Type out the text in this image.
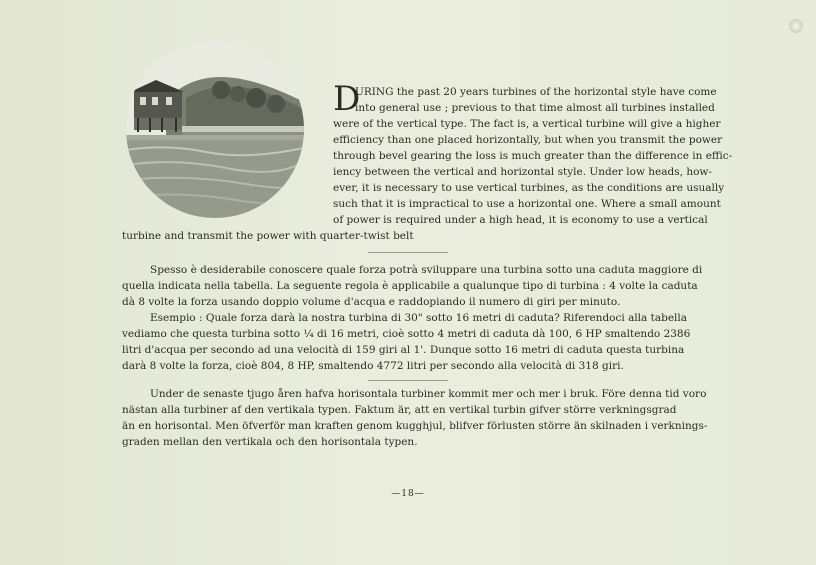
D
URING the past 20 years turbines of the horizontal style have come
into general use ; previous to that time almost all turbines installed
were of the vertical type. The fact is, a vertical turbine will give a higher
efficiency than one placed horizontally, but when you transmit the power
through bevel gearing the loss is much greater than the difference in effic-
iency between the vertical and horizontal style. Under low heads, how-
ever, it is necessary to use vertical turbines, as the conditions are usually
such that it is impractical to use a horizontal one. Where a small amount
of power is required under a high head, it is economy to use a vertical
turbine and transmit the power with quarter-twist belt
Spesso è desiderabile conoscere quale forza potrà sviluppare una turbina sotto una caduta maggiore di
quella indicata nella tabella. La seguente regola è applicabile a qualunque tipo di turbina : 4 volte la caduta
dà 8 volte la forza usando doppio volume d'acqua e raddopiando il numero di giri per minuto.
Esempio : Quale forza darà la nostra turbina di 30" sotto 16 metri di caduta? Riferendoci alla tabella
vediamo che questa turbina sotto ¼ di 16 metri, cioè sotto 4 metri di caduta dà 100, 6 HP smaltendo 2386
litri d'acqua per secondo ad una velocità di 159 giri al 1'. Dunque sotto 16 metri di caduta questa turbina
darà 8 volte la forza, cioè 804, 8 HP, smaltendo 4772 litri per secondo alla velocità di 318 giri.
Under de senaste tjugo åren hafva horisontala turbiner kommit mer och mer i bruk. Före denna tid voro
nästan alla turbiner af den vertikala typen. Faktum är, att en vertikal turbin gifver större verkningsgrad
än en horisontal. Men öfverför man kraften genom kugghjul, blifver förlusten större än skilnaden i verknings-
graden mellan den vertikala och den horisontala typen.
—18—
